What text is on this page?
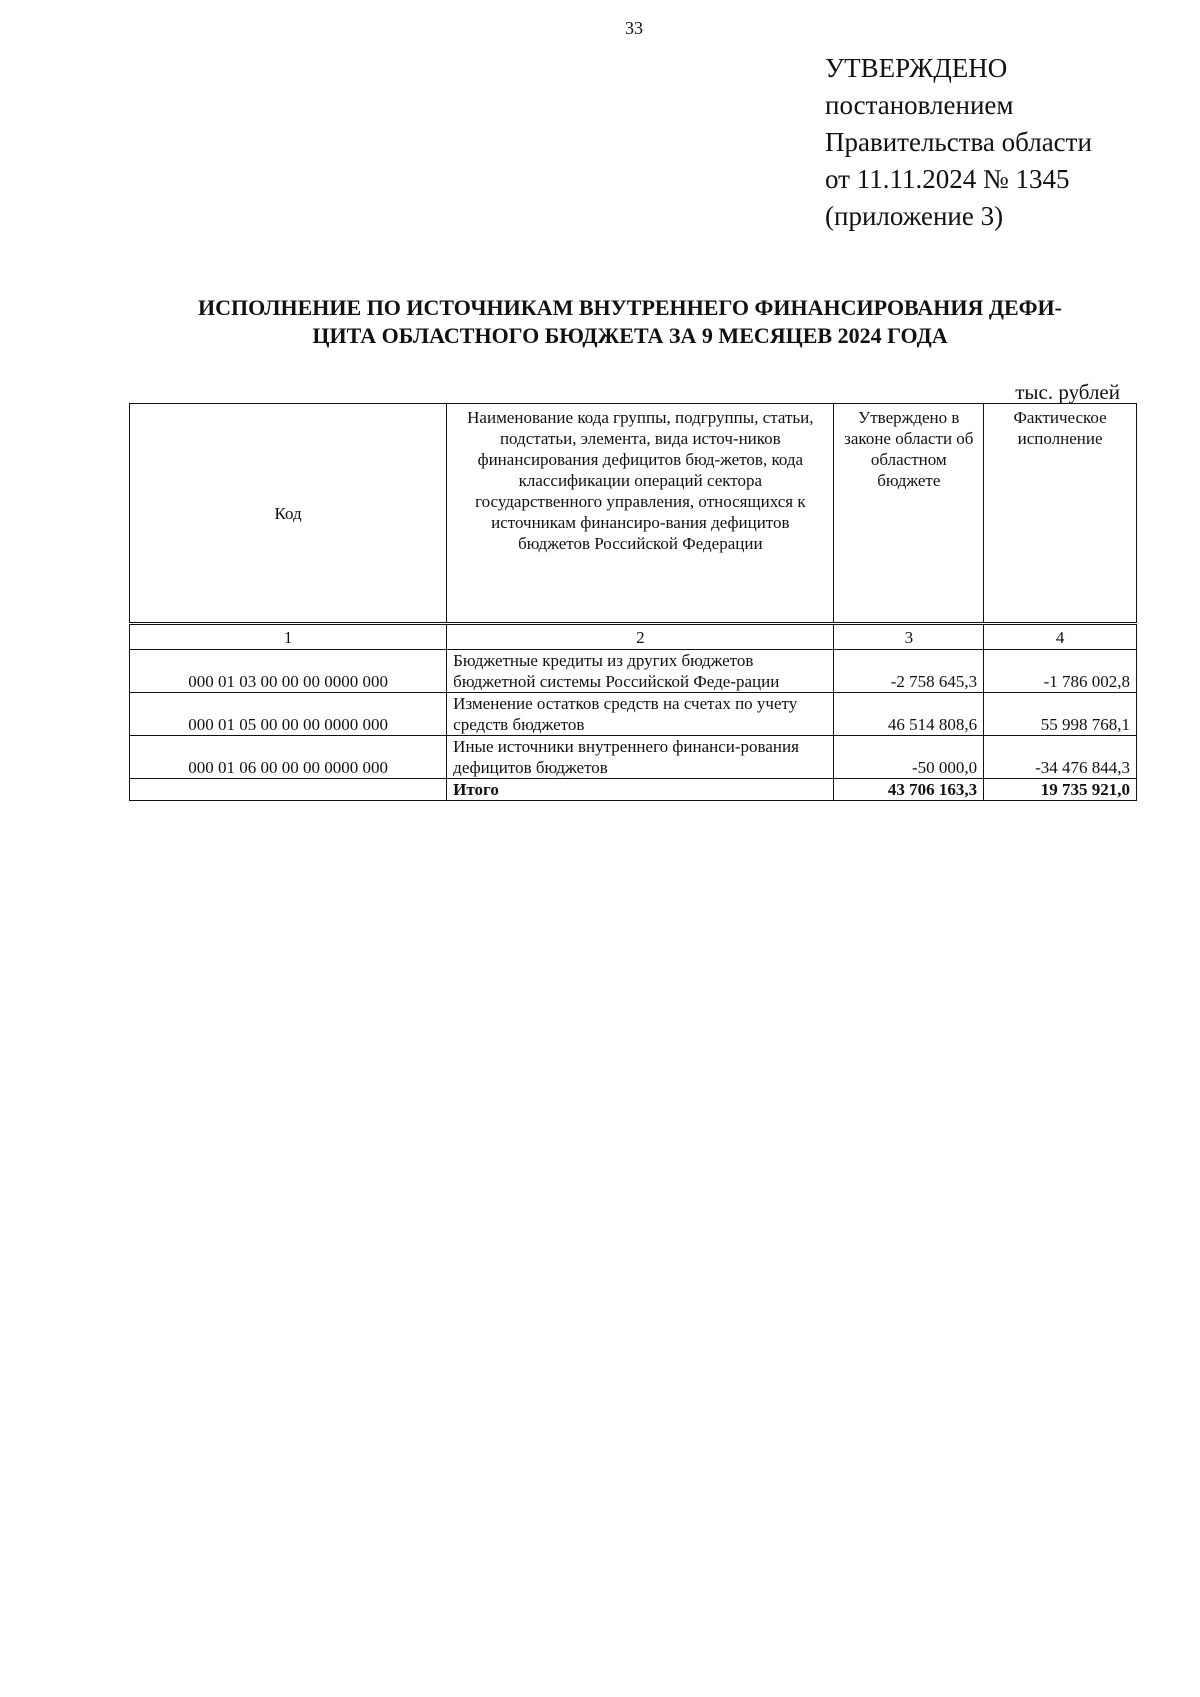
33
УТВЕРЖДЕНО
постановлением
Правительства области
от 11.11.2024 № 1345
(приложение 3)
ИСПОЛНЕНИЕ ПО ИСТОЧНИКАМ ВНУТРЕННЕГО ФИНАНСИРОВАНИЯ ДЕФИ-
ЦИТА ОБЛАСТНОГО БЮДЖЕТА ЗА 9 МЕСЯЦЕВ 2024 ГОДА
тыс. рублей
Код	Наименование кода группы, подгруппы, статьи, подстатьи, элемента, вида источ-ников финансирования дефицитов бюд-жетов, кода классификации операций сектора государственного управления, относящихся к источникам финансиро-вания дефицитов бюджетов Российской Федерации	Утверждено в законе области об областном бюджете	Фактическое исполнение
1	2	3	4
000 01 03 00 00 00 0000 000	Бюджетные кредиты из других бюджетов бюджетной системы Российской Феде-рации	-2 758 645,3	-1 786 002,8
000 01 05 00 00 00 0000 000	Изменение остатков средств на счетах по учету средств бюджетов	46 514 808,6	55 998 768,1
000 01 06 00 00 00 0000 000	Иные источники внутреннего финанси-рования дефицитов бюджетов	-50 000,0	-34 476 844,3
	Итого	43 706 163,3	19 735 921,0
